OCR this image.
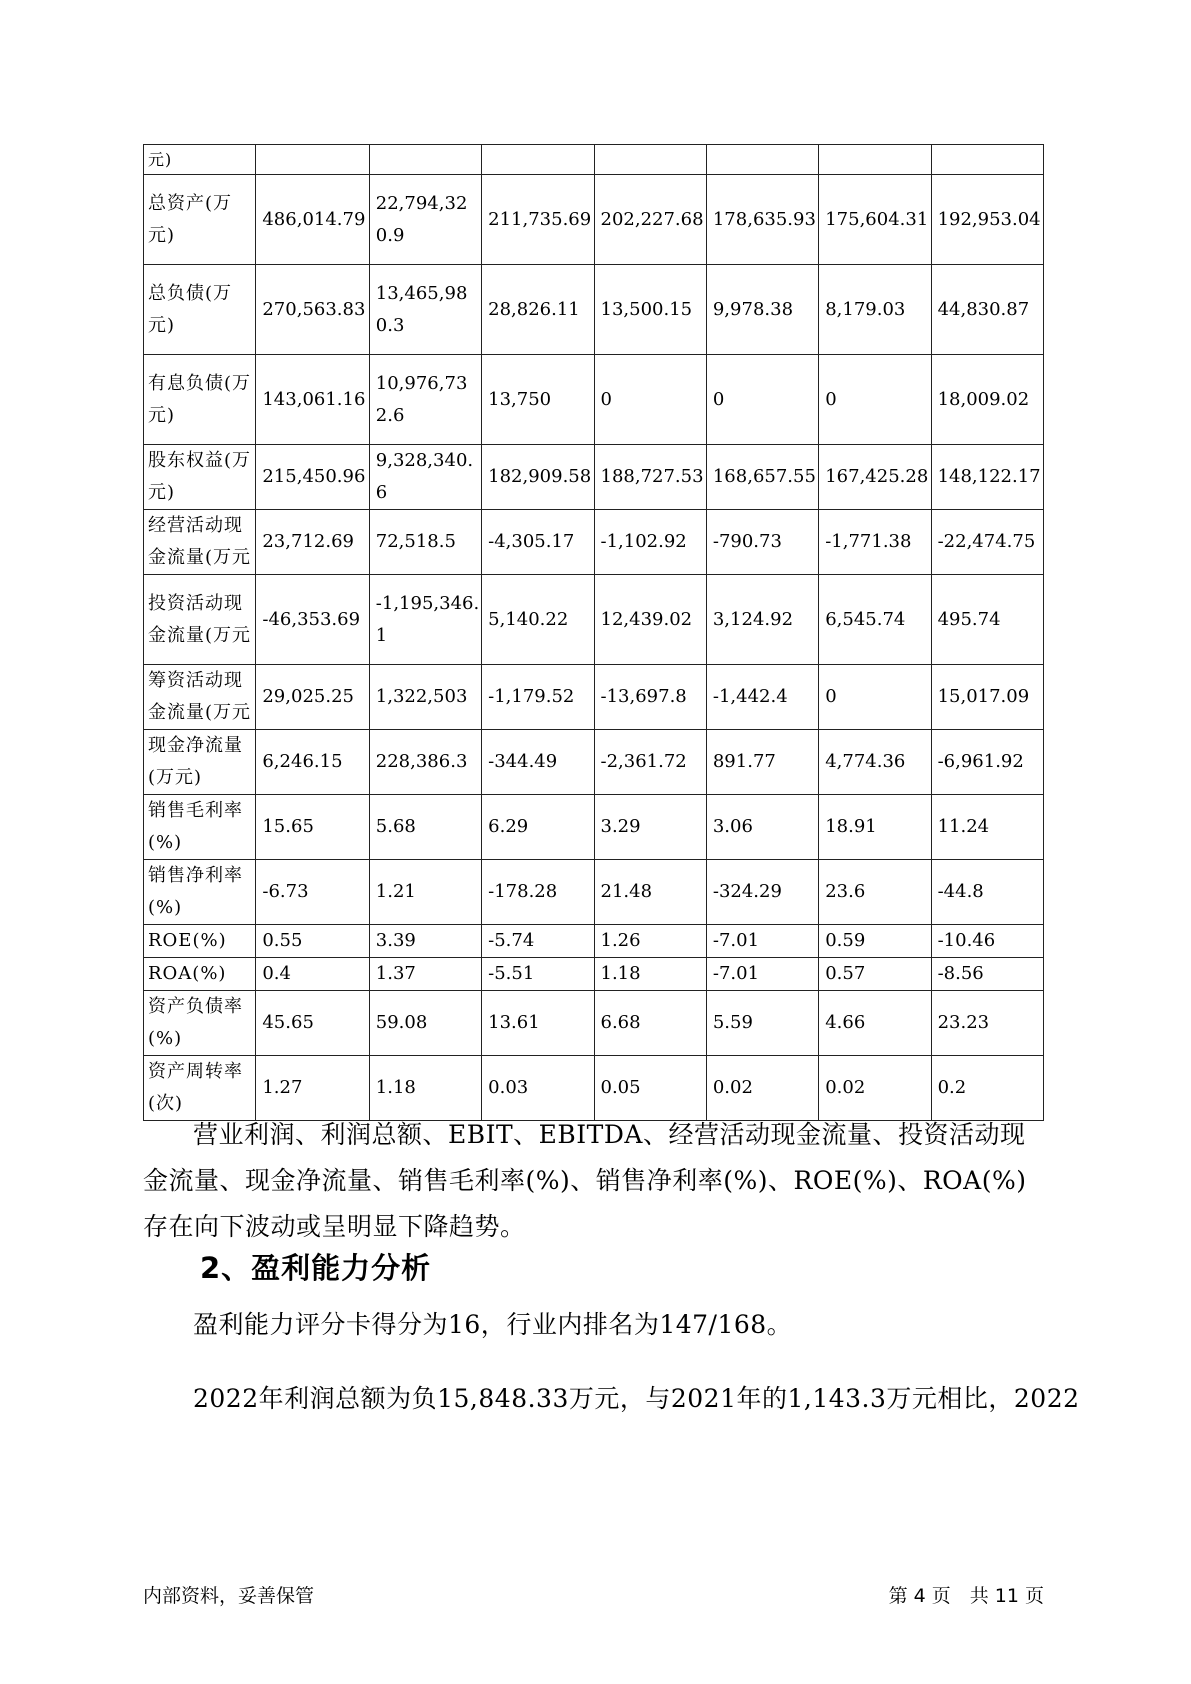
元)							
总资产(万元)	486,014.79	22,794,320.9	211,735.69	202,227.68	178,635.93	175,604.31	192,953.04
总负债(万元)	270,563.83	13,465,980.3	28,826.11	13,500.15	9,978.38	8,179.03	44,830.87
有息负债(万元)	143,061.16	10,976,732.6	13,750	0	0	0	18,009.02
股东权益(万元)	215,450.96	9,328,340.6	182,909.58	188,727.53	168,657.55	167,425.28	148,122.17
经营活动现金流量(万元	23,712.69	72,518.5	-4,305.17	-1,102.92	-790.73	-1,771.38	-22,474.75
投资活动现金流量(万元	-46,353.69	-1,195,346.1	5,140.22	12,439.02	3,124.92	6,545.74	495.74
筹资活动现金流量(万元	29,025.25	1,322,503	-1,179.52	-13,697.8	-1,442.4	0	15,017.09
现金净流量(万元)	6,246.15	228,386.3	-344.49	-2,361.72	891.77	4,774.36	-6,961.92
销售毛利率(%)	15.65	5.68	6.29	3.29	3.06	18.91	11.24
销售净利率(%)	-6.73	1.21	-178.28	21.48	-324.29	23.6	-44.8
ROE(%)	0.55	3.39	-5.74	1.26	-7.01	0.59	-10.46
ROA(%)	0.4	1.37	-5.51	1.18	-7.01	0.57	-8.56
资产负债率(%)	45.65	59.08	13.61	6.68	5.59	4.66	23.23
资产周转率(次)	1.27	1.18	0.03	0.05	0.02	0.02	0.2
营业利润、利润总额、EBIT、EBITDA、经营活动现金流量、投资活动现金流量、现金净流量、销售毛利率(%)、销售净利率(%)、ROE(%)、ROA(%)存在向下波动或呈明显下降趋势。
2、盈利能力分析
盈利能力评分卡得分为16，行业内排名为147/168。
2022年利润总额为负15,848.33万元，与2021年的1,143.3万元相比，2022
内部资料，妥善保管	第 4 页　共 11 页
